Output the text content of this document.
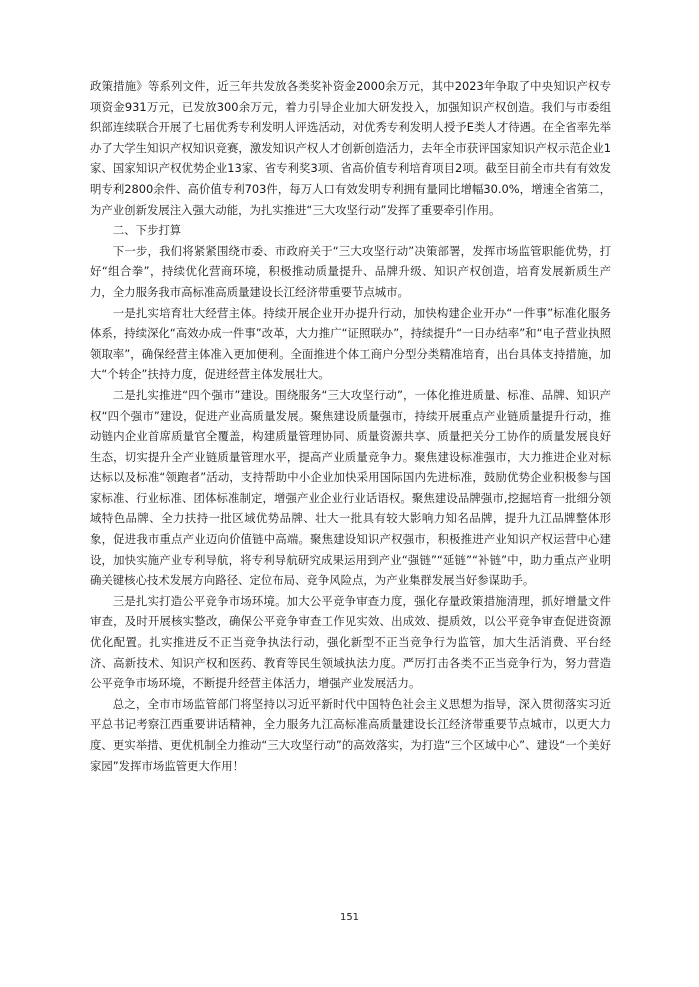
政策措施》等系列文件，近三年共发放各类奖补资金2000余万元，其中2023年争取了中央知识产权专项资金931万元，已发放300余万元，着力引导企业加大研发投入，加强知识产权创造。我们与市委组织部连续联合开展了七届优秀专利发明人评选活动，对优秀专利发明人授予E类人才待遇。在全省率先举办了大学生知识产权知识竞赛，激发知识产权人才创新创造活力，去年全市获评国家知识产权示范企业1家、国家知识产权优势企业13家、省专利奖3项、省高价值专利培育项目2项。截至目前全市共有有效发明专利2800余件、高价值专利703件，每万人口有效发明专利拥有量同比增幅30.0%，增速全省第二，为产业创新发展注入强大动能，为扎实推进“三大攻坚行动”发挥了重要牵引作用。

二、下步打算

下一步，我们将紧紧围绕市委、市政府关于“三大攻坚行动”决策部署，发挥市场监管职能优势，打好“组合拳”，持续优化营商环境，积极推动质量提升、品牌升级、知识产权创造，培育发展新质生产力，全力服务我市高标准高质量建设长江经济带重要节点城市。

一是扎实培育壮大经营主体。持续开展企业开办提升行动，加快构建企业开办“一件事”标准化服务体系，持续深化“高效办成一件事”改革，大力推广“证照联办”，持续提升“一日办结率”和“电子营业执照领取率”，确保经营主体准入更加便利。全面推进个体工商户分型分类精准培育，出台具体支持措施，加大“个转企”扶持力度，促进经营主体发展壮大。

二是扎实推进“四个强市”建设。围绕服务“三大攻坚行动”，一体化推进质量、标准、品牌、知识产权“四个强市”建设，促进产业高质量发展。聚焦建设质量强市，持续开展重点产业链质量提升行动，推动链内企业首席质量官全覆盖，构建质量管理协同、质量资源共享、质量把关分工协作的质量发展良好生态，切实提升全产业链质量管理水平，提高产业质量竞争力。聚焦建设标准强市，大力推进企业对标达标以及标准“领跑者”活动，支持帮助中小企业加快采用国际国内先进标准，鼓励优势企业积极参与国家标准、行业标准、团体标准制定，增强产业企业行业话语权。聚焦建设品牌强市,挖掘培育一批细分领域特色品牌、全力扶持一批区域优势品牌、壮大一批具有较大影响力知名品牌，提升九江品牌整体形象，促进我市重点产业迈向价值链中高端。聚焦建设知识产权强市，积极推进产业知识产权运营中心建设，加快实施产业专利导航，将专利导航研究成果运用到产业“强链”“延链”“补链”中，助力重点产业明确关键核心技术发展方向路径、定位布局、竞争风险点，为产业集群发展当好参谋助手。

三是扎实打造公平竞争市场环境。加大公平竞争审查力度，强化存量政策措施清理，抓好增量文件审查，及时开展核实整改，确保公平竞争审查工作见实效、出成效、提质效，以公平竞争审查促进资源优化配置。扎实推进反不正当竞争执法行动，强化新型不正当竞争行为监管，加大生活消费、平台经济、高新技术、知识产权和医药、教育等民生领域执法力度。严厉打击各类不正当竞争行为，努力营造公平竞争市场环境，不断提升经营主体活力，增强产业发展活力。

总之，全市市场监管部门将坚持以习近平新时代中国特色社会主义思想为指导，深入贯彻落实习近平总书记考察江西重要讲话精神，全力服务九江高标准高质量建设长江经济带重要节点城市，以更大力度、更实举措、更优机制全力推动“三大攻坚行动”的高效落实，为打造“三个区域中心”、建设“一个美好家园”发挥市场监管更大作用！

151
